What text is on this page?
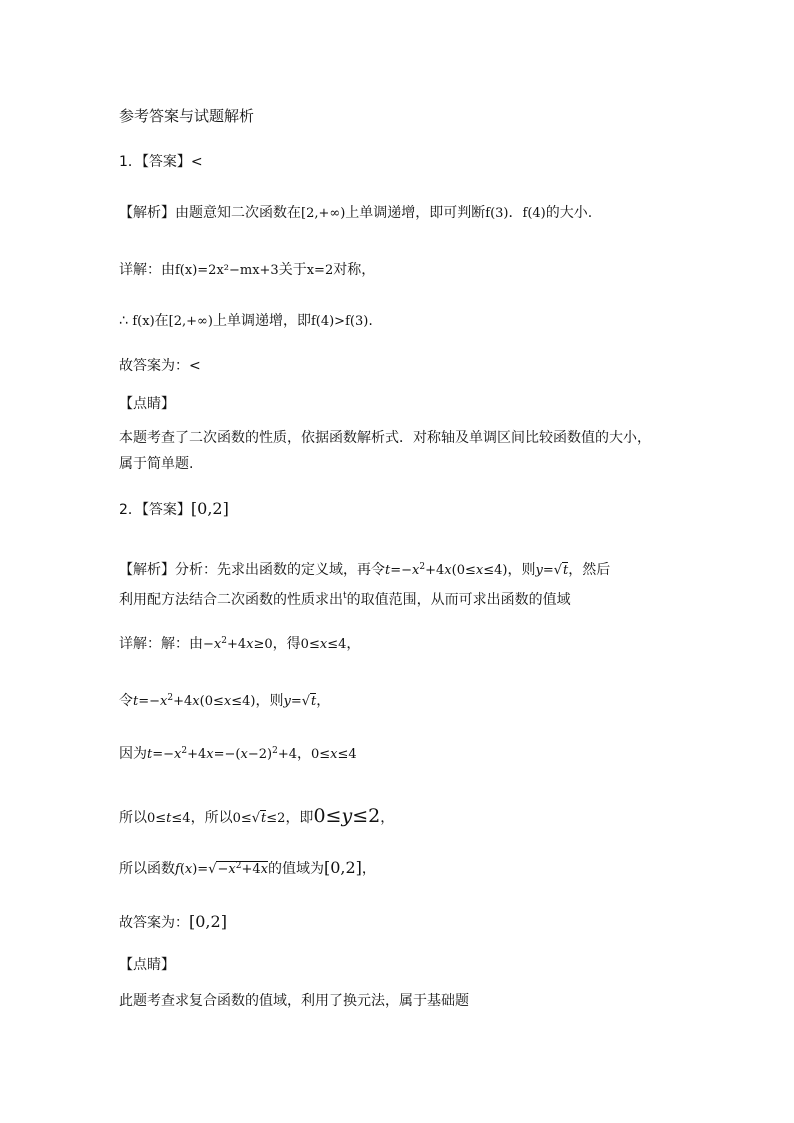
参考答案与试题解析
1．【答案】<
【解析】由题意知二次函数在[2,+∞)上单调递增，即可判断f(3)．f(4)的大小.
详解：由f(x)=2x²−mx+3关于x=2对称，
∴ f(x)在[2,+∞)上单调递增，即f(4)>f(3).
故答案为：<
【点睛】
本题考查了二次函数的性质，依据函数解析式．对称轴及单调区间比较函数值的大小，
属于简单题.
2．【答案】[0,2]
【解析】分析：先求出函数的定义域，再令$t=-x^2+4x(0\le x\le 4)$，则y=√t，然后
利用配方法结合二次函数的性质求出$^t$的取值范围，从而可求出函数的值域
详解：解：由$-x^2+4x\ge 0$，得0≤x≤4，
令$t=-x^2+4x(0\le x\le 4)$，则y=√t，
因为$t=-x^2+4x=-(x-2)^2+4$，0≤x≤4
所以0≤t≤4，所以0≤√t≤2，即0≤y≤2，
所以函数$f(x)=√-x^2+4x$的值域为[0,2]，
故答案为：[0,2]
【点睛】
此题考查求复合函数的值域，利用了换元法，属于基础题
